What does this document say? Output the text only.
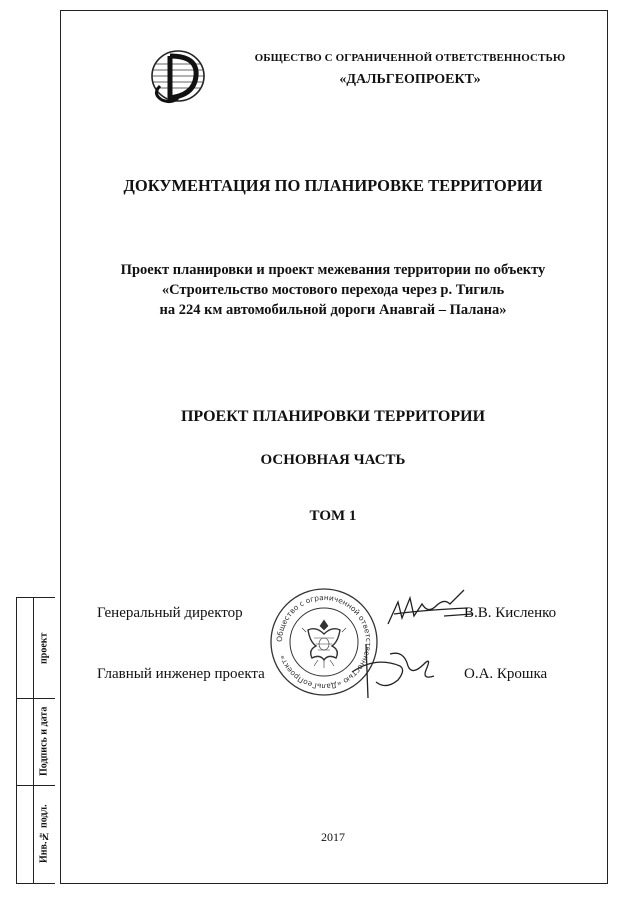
проект
Подпись и дата
Инв.№ подл.
ОБЩЕСТВО С ОГРАНИЧЕННОЙ ОТВЕТСТВЕННОСТЬЮ
«ДАЛЬГЕОПРОЕКТ»
ДОКУМЕНТАЦИЯ ПО ПЛАНИРОВКЕ ТЕРРИТОРИИ
Проект планировки и проект межевания территории по объекту
«Строительство мостового перехода через р. Тигиль
на 224 км автомобильной дороги Анавгай – Палана»
ПРОЕКТ ПЛАНИРОВКИ ТЕРРИТОРИИ
ОСНОВНАЯ ЧАСТЬ
ТОМ 1
Общество с ограниченной ответственностью «ДальГеоПроект»
Генеральный директор	В.В. Кисленко
Главный инженер проекта	О.А. Крошка
2017
